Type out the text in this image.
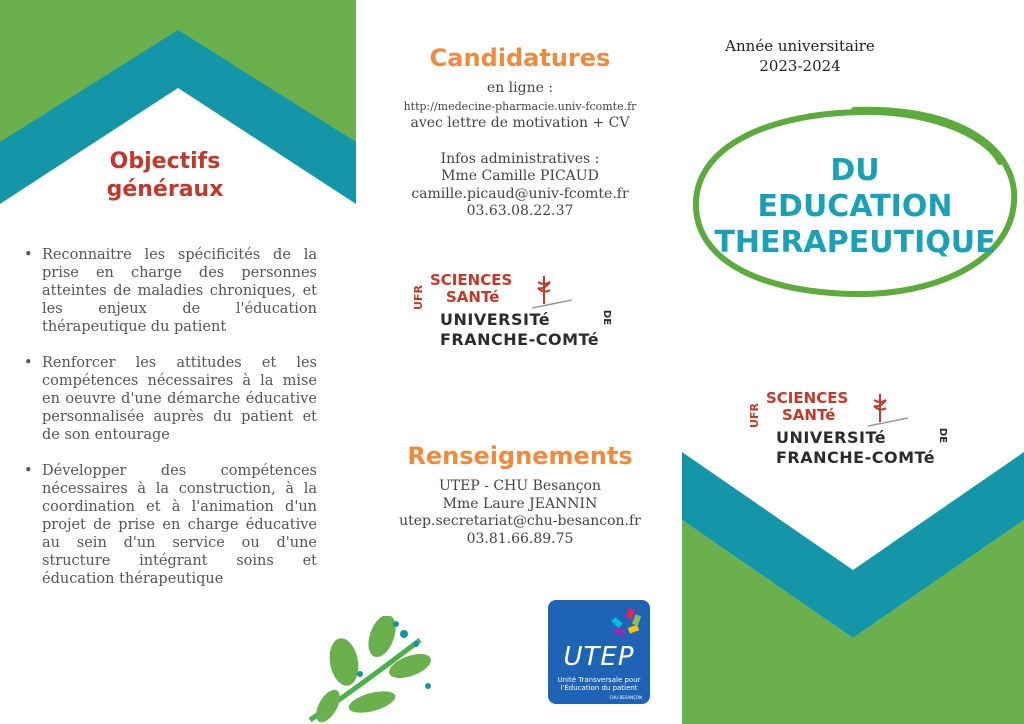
Objectifs
généraux
• Reconnaitre les spécificités de la prise en charge des personnes atteintes de maladies chroniques, et les enjeux de l'éducation thérapeutique du patient
• Renforcer les attitudes et les compétences nécessaires à la mise en oeuvre d'une démarche éducative personnalisée auprès du patient et de son entourage
• Développer des compétences nécessaires à la construction, à la coordination et à l'animation d'un projet de prise en charge éducative au sein d'un service ou d'une structure intégrant soins et éducation thérapeutique
Candidatures
en ligne :
http://medecine-pharmacie.univ-fcomte.fr
avec lettre de motivation + CV
Infos administratives :
Mme Camille PICAUD
camille.picaud@univ-fcomte.fr
03.63.08.22.37
UFR
SCIENCES
SANTé
UNIVERSITé
FRANCHE-COMTé
DE
Renseignements
UTEP - CHU Besançon
Mme Laure JEANNIN
utep.secretariat@chu-besancon.fr
03.81.66.89.75
UTEP
Unité Transversale pour l'Éducation du patient
CHU BESANÇON
Année universitaire
2023-2024
DU
EDUCATION
THERAPEUTIQUE
UFR
SCIENCES
SANTé
UNIVERSITé
FRANCHE-COMTé
DE
